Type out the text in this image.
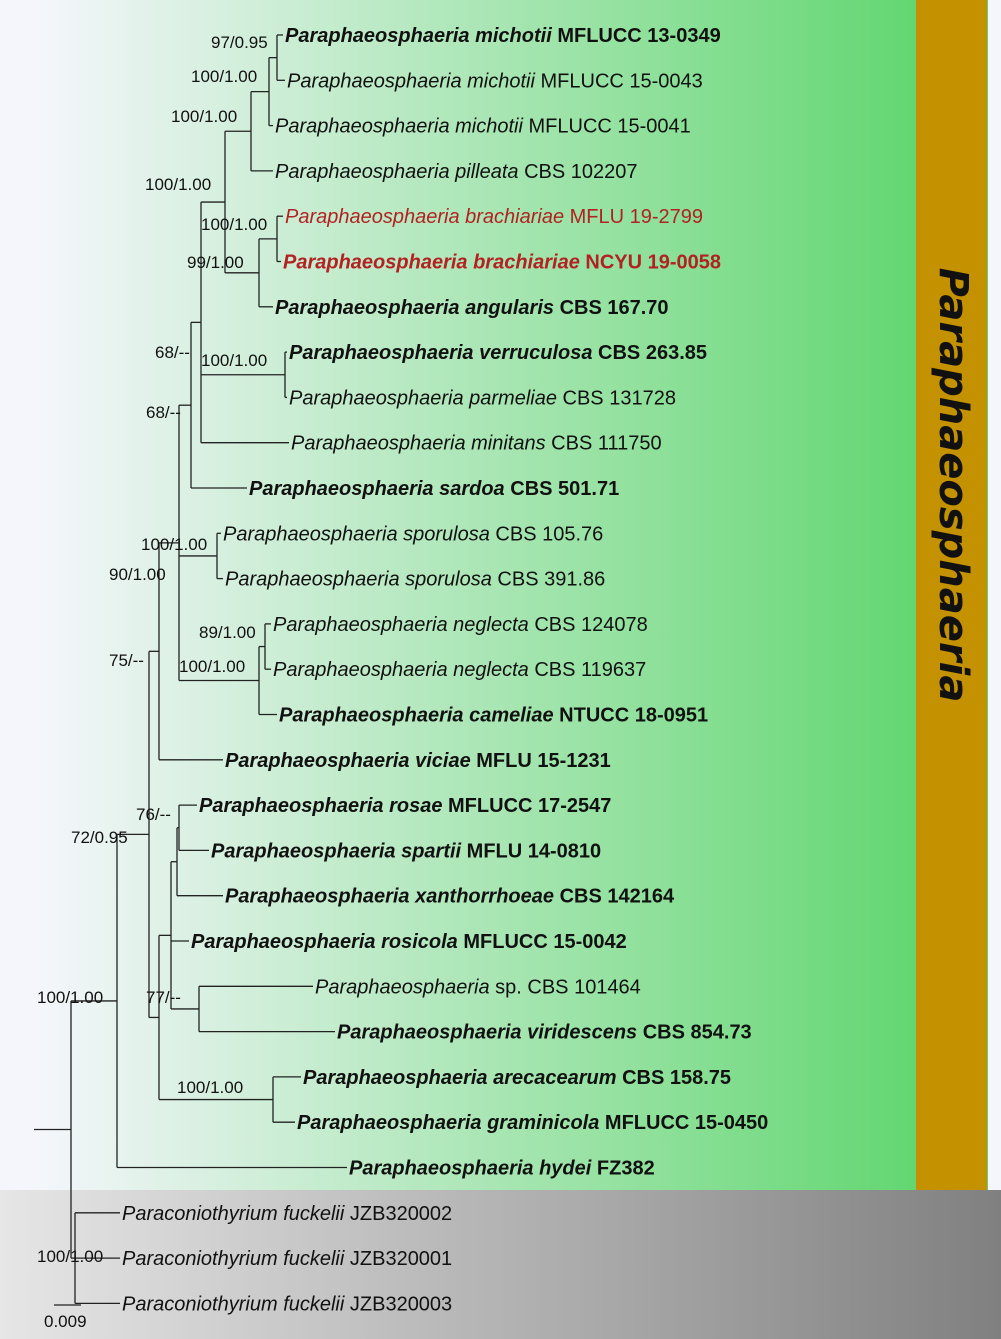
Paraphaeosphaeria
Paraphaeosphaeria michotii MFLUCC 13-0349
Paraphaeosphaeria michotii MFLUCC 15-0043
Paraphaeosphaeria michotii MFLUCC 15-0041
Paraphaeosphaeria pilleata CBS 102207
Paraphaeosphaeria brachiariae MFLU 19-2799
Paraphaeosphaeria brachiariae NCYU 19-0058
Paraphaeosphaeria angularis CBS 167.70
Paraphaeosphaeria verruculosa CBS 263.85
Paraphaeosphaeria parmeliae CBS 131728
Paraphaeosphaeria minitans CBS 111750
Paraphaeosphaeria sardoa CBS 501.71
Paraphaeosphaeria sporulosa CBS 105.76
Paraphaeosphaeria sporulosa CBS 391.86
Paraphaeosphaeria neglecta CBS 124078
Paraphaeosphaeria neglecta CBS 119637
Paraphaeosphaeria cameliae NTUCC 18-0951
Paraphaeosphaeria viciae MFLU 15-1231
Paraphaeosphaeria rosae MFLUCC 17-2547
Paraphaeosphaeria spartii MFLU 14-0810
Paraphaeosphaeria xanthorrhoeae CBS 142164
Paraphaeosphaeria rosicola MFLUCC 15-0042
Paraphaeosphaeria sp. CBS 101464
Paraphaeosphaeria viridescens CBS 854.73
Paraphaeosphaeria arecacearum CBS 158.75
Paraphaeosphaeria graminicola MFLUCC 15-0450
Paraphaeosphaeria hydei FZ382
Paraconiothyrium fuckelii JZB320002
Paraconiothyrium fuckelii JZB320001
Paraconiothyrium fuckelii JZB320003
97/0.95
100/1.00
100/1.00
100/1.00
100/1.00
99/1.00
68/-- 100/1.00
68/--
100/1.00
90/1.00
89/1.00
100/1.00
75/--
76/--
72/0.95
100/1.00	77/--
100/1.00
100/1.00
0.009
